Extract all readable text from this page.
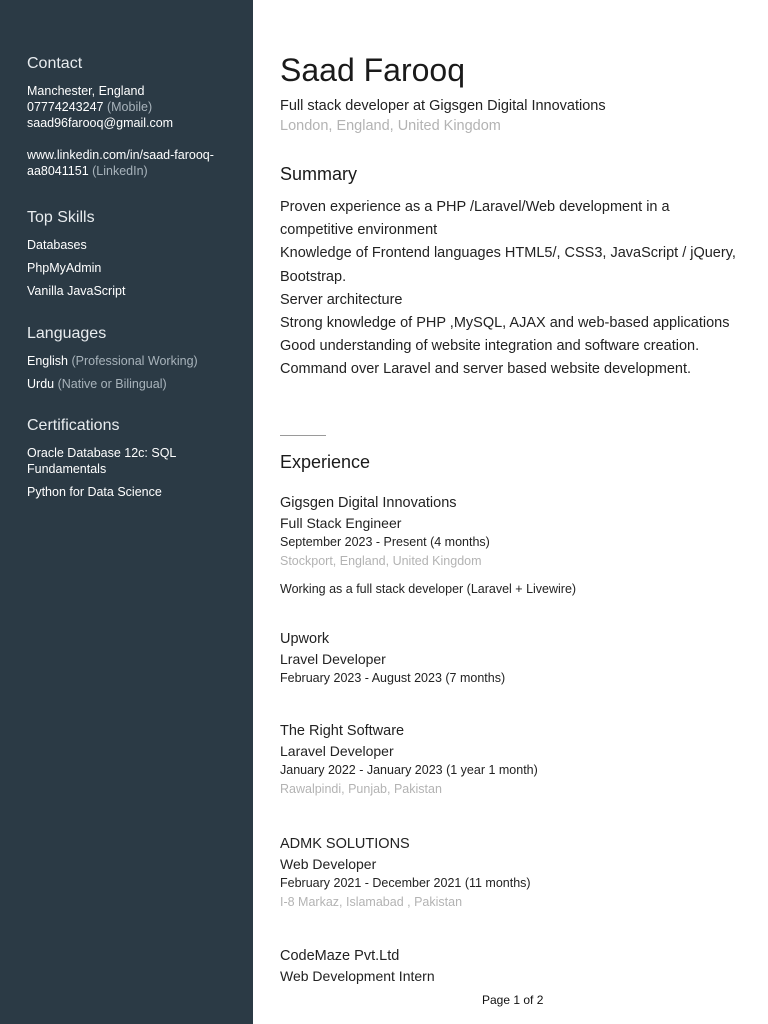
Contact
Manchester, England
07774243247 (Mobile)
saad96farooq@gmail.com
www.linkedin.com/in/saad-farooq-
aa8041151 (LinkedIn)
Top Skills
Databases
PhpMyAdmin
Vanilla JavaScript
Languages
English (Professional Working)
Urdu (Native or Bilingual)
Certifications
Oracle Database 12c: SQL
Fundamentals
Python for Data Science
Saad Farooq
Full stack developer at Gigsgen Digital Innovations
London, England, United Kingdom
Summary
Proven experience as a PHP /Laravel/Web development in a competitive environment
Knowledge of Frontend languages HTML5/, CSS3, JavaScript / jQuery, Bootstrap.
Server architecture
Strong knowledge of PHP ,MySQL, AJAX and web-based applications
Good understanding of website integration and software creation.
Command over Laravel and server based website development.
Experience
Gigsgen Digital Innovations
Full Stack Engineer
September 2023 - Present (4 months)
Stockport, England, United Kingdom
Working as a full stack developer (Laravel + Livewire)
Upwork
Lravel Developer
February 2023 - August 2023 (7 months)
The Right Software
Laravel Developer
January 2022 - January 2023 (1 year 1 month)
Rawalpindi, Punjab, Pakistan
ADMK SOLUTIONS
Web Developer
February 2021 - December 2021 (11 months)
I-8 Markaz, Islamabad , Pakistan
CodeMaze Pvt.Ltd
Web Development Intern
Page 1 of 2
